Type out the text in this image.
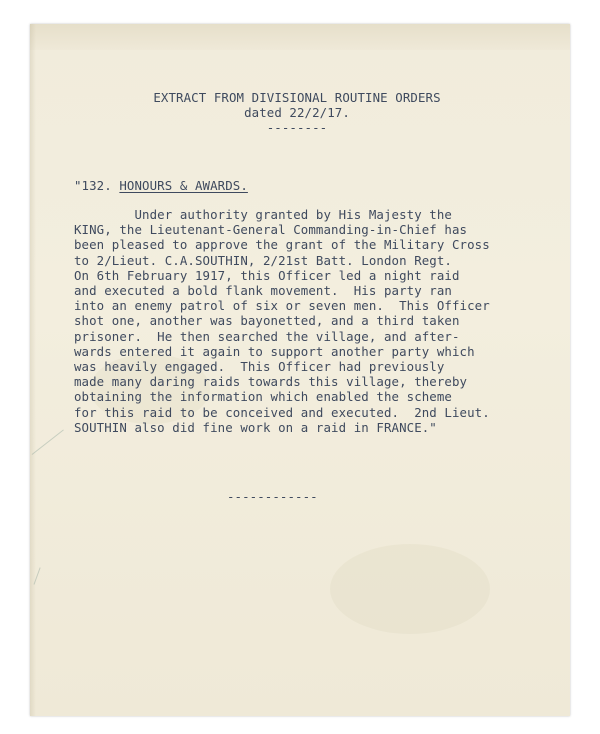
EXTRACT FROM DIVISIONAL ROUTINE ORDERS
dated 22/2/17.
--------
"132. HONOURS & AWARDS.
Under authority granted by His Majesty the
KING, the Lieutenant-General Commanding-in-Chief has
been pleased to approve the grant of the Military Cross
to 2/Lieut. C.A.SOUTHIN, 2/21st Batt. London Regt.
On 6th February 1917, this Officer led a night raid
and executed a bold flank movement.  His party ran
into an enemy patrol of six or seven men.  This Officer
shot one, another was bayonetted, and a third taken
prisoner.  He then searched the village, and after-
wards entered it again to support another party which
was heavily engaged.  This Officer had previously
made many daring raids towards this village, thereby
obtaining the information which enabled the scheme
for this raid to be conceived and executed.  2nd Lieut.
SOUTHIN also did fine work on a raid in FRANCE."
------------
